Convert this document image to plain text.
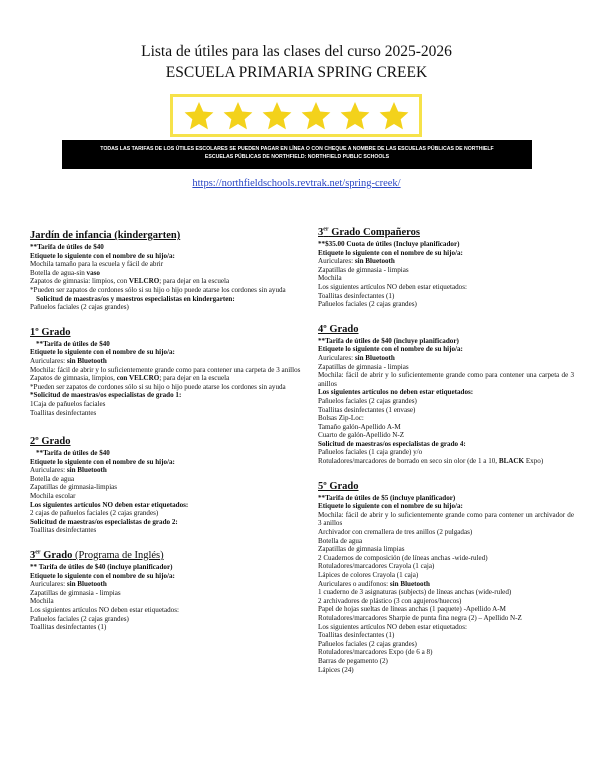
Lista de útiles para las clases del curso 2025-2026
ESCUELA PRIMARIA SPRING CREEK
TODAS LAS TARIFAS DE LOS ÚTILES ESCOLARES SE PUEDEN PAGAR EN LÍNEA O CON CHEQUE A NOMBRE DE LAS ESCUELAS PÚBLICAS DE NORTHIELF
ESCUELAS PÚBLICAS DE NORTHFIELD: NORTHFIELD PUBLIC SCHOOLS
https://northfieldschools.revtrak.net/spring-creek/
Jardín de infancia (kindergarten)
**Tarifa de útiles de $40
Etiquete lo siguiente con el nombre de su hijo/a:
Mochila tamaño para la escuela y fácil de abrir
Botella de agua-sin vaso
Zapatos de gimnasia: limpios, con VELCRO; para dejar en la escuela
*Pueden ser zapatos de cordones sólo si su hijo o hijo puede atarse los cordones sin ayuda
Solicitud de maestras/os y maestros especialistas en kindergarten:
Pañuelos faciales (2 cajas grandes)
1º Grado
**Tarifa de útiles de $40
Etiquete lo siguiente con el nombre de su hijo/a:
Auriculares: sin Bluetooth
Mochila: fácil de abrir y lo suficientemente grande como para contener una carpeta de 3 anillos
Zapatos de gimnasia, limpios, con VELCRO; para dejar en la escuela
*Pueden ser zapatos de cordones sólo si su hijo o hijo puede atarse los cordones sin ayuda
*Solicitud de maestras/os especialistas de grado 1:
1Caja de pañuelos faciales
Toallitas desinfectantes
2º Grado
**Tarifa de útiles de $40
Etiquete lo siguiente con el nombre de su hijo/a:
Auriculares: sin Bluetooth
Botella de agua
Zapatillas de gimnasia-limpias
Mochila escolar
Los siguientes artículos NO deben estar etiquetados:
2 cajas de pañuelos faciales (2 cajas grandes)
Solicitud de maestras/os especialistas de grado 2:
Toallitas desinfectantes
3er Grado (Programa de Inglés)
** Tarifa de útiles de $40 (incluye planificador)
Etiquete lo siguiente con el nombre de su hijo/a:
Auriculares: sin Bluetooth
Zapatillas de gimnasia - limpias
Mochila
Los siguientes artículos NO deben estar etiquetados:
Pañuelos faciales (2 cajas grandes)
Toallitas desinfectantes (1)
3er Grado Compañeros
**$35.00 Cuota de útiles (Incluye planificador)
Etiquete lo siguiente con el nombre de su hijo/a:
Auriculares: sin Bluetooth
Zapatillas de gimnasia - limpias
Mochila
Los siguientes artículos NO deben estar etiquetados:
Toallitas desinfectantes (1)
Pañuelos faciales (2 cajas grandes)
4º Grado
**Tarifa de útiles de $40 (incluye planificador)
Etiquete lo siguiente con el nombre de su hijo/a:
Auriculares: sin Bluetooth
Zapatillas de gimnasia - limpias
Mochila: fácil de abrir y lo suficientemente grande como para contener una carpeta de 3 anillos
Los siguientes artículos no deben estar etiquetados:
Pañuelos faciales (2 cajas grandes)
Toallitas desinfectantes (1 envase)
Bolsas Zip-Loc:
Tamaño galón-Apellido A-M
Cuarto de galón-Apellido N-Z
Solicitud de maestras/os especialistas de grado 4:
Pañuelos faciales (1 caja grande) y/o
Rotuladores/marcadores de borrado en seco sin olor (de 1 a 10, BLACK Expo)
5º Grado
**Tarifa de útiles de $5 (incluye planificador)
Etiquete lo siguiente con el nombre de su hijo/a:
Mochila: fácil de abrir y lo suficientemente grande como para contener un archivador de 3 anillos
Archivador con cremallera de tres anillos (2 pulgadas)
Botella de agua
Zapatillas de gimnasia limpias
2 Cuadernos de composición (de líneas anchas -wide-ruled)
Rotuladores/marcadores Crayola (1 caja)
Lápices de colores Crayola (1 caja)
Auriculares o audífonos: sin Bluetooth
1 cuaderno de 3 asignaturas (subjects) de líneas anchas (wide-ruled)
2 archivadores de plástico (3 con agujeros/huecos)
Papel de hojas sueltas de líneas anchas (1 paquete) -Apellido A-M
Rotuladores/marcadores Sharpie de punta fina negra (2) – Apellido N-Z
Los siguientes artículos NO deben estar etiquetados:
Toallitas desinfectantes (1)
Pañuelos faciales (2 cajas grandes)
Rotuladores/marcadores Expo (de 6 a 8)
Barras de pegamento (2)
Lápices (24)
